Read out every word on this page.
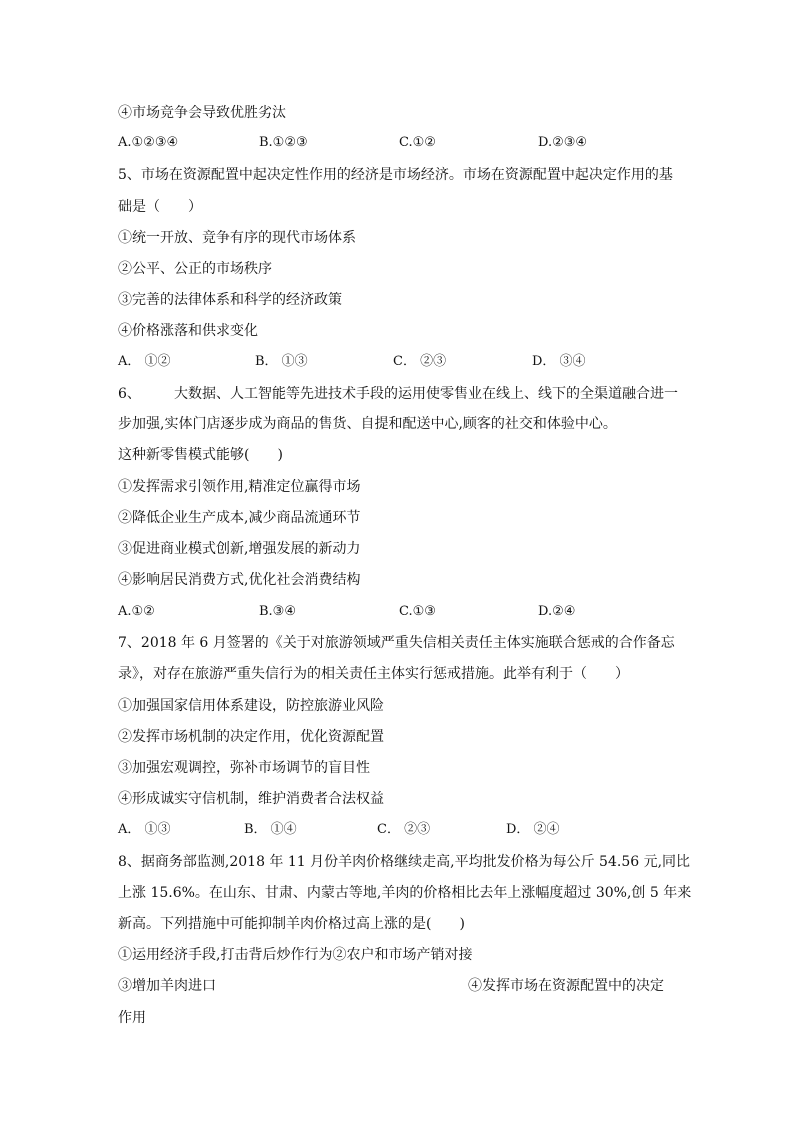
④市场竞争会导致优胜劣汰
A.①②③④	B.①②③	C.①②	D.②③④
5、市场在资源配置中起决定性作用的经济是市场经济。市场在资源配置中起决定作用的基
础是（　　）
①统一开放、竞争有序的现代市场体系
②公平、公正的市场秩序
③完善的法律体系和科学的经济政策
④价格涨落和供求变化
A． ①②	B． ①③	C． ②③	D． ③④
6、 大数据、人工智能等先进技术手段的运用使零售业在线上、线下的全渠道融合进一
步加强,实体门店逐步成为商品的售货、自提和配送中心,顾客的社交和体验中心。
这种新零售模式能够(　　)
①发挥需求引领作用,精准定位赢得市场
②降低企业生产成本,减少商品流通环节
③促进商业模式创新,增强发展的新动力
④影响居民消费方式,优化社会消费结构
A.①②	B.③④	C.①③	D.②④
7、2018 年 6 月签署的《关于对旅游领域严重失信相关责任主体实施联合惩戒的合作备忘
录》，对存在旅游严重失信行为的相关责任主体实行惩戒措施。此举有利于（　　）
①加强国家信用体系建设，防控旅游业风险
②发挥市场机制的决定作用，优化资源配置
③加强宏观调控，弥补市场调节的盲目性
④形成诚实守信机制，维护消费者合法权益
A． ①③	B． ①④	C． ②③	D． ②④
8、据商务部监测,2018 年 11 月份羊肉价格继续走高,平均批发价格为每公斤 54.56 元,同比
上涨 15.6%。在山东、甘肃、内蒙古等地,羊肉的价格相比去年上涨幅度超过 30%,创 5 年来
新高。下列措施中可能抑制羊肉价格过高上涨的是(　　)
①运用经济手段,打击背后炒作行为②农户和市场产销对接
③增加羊肉进口	④发挥市场在资源配置中的决定
作用
